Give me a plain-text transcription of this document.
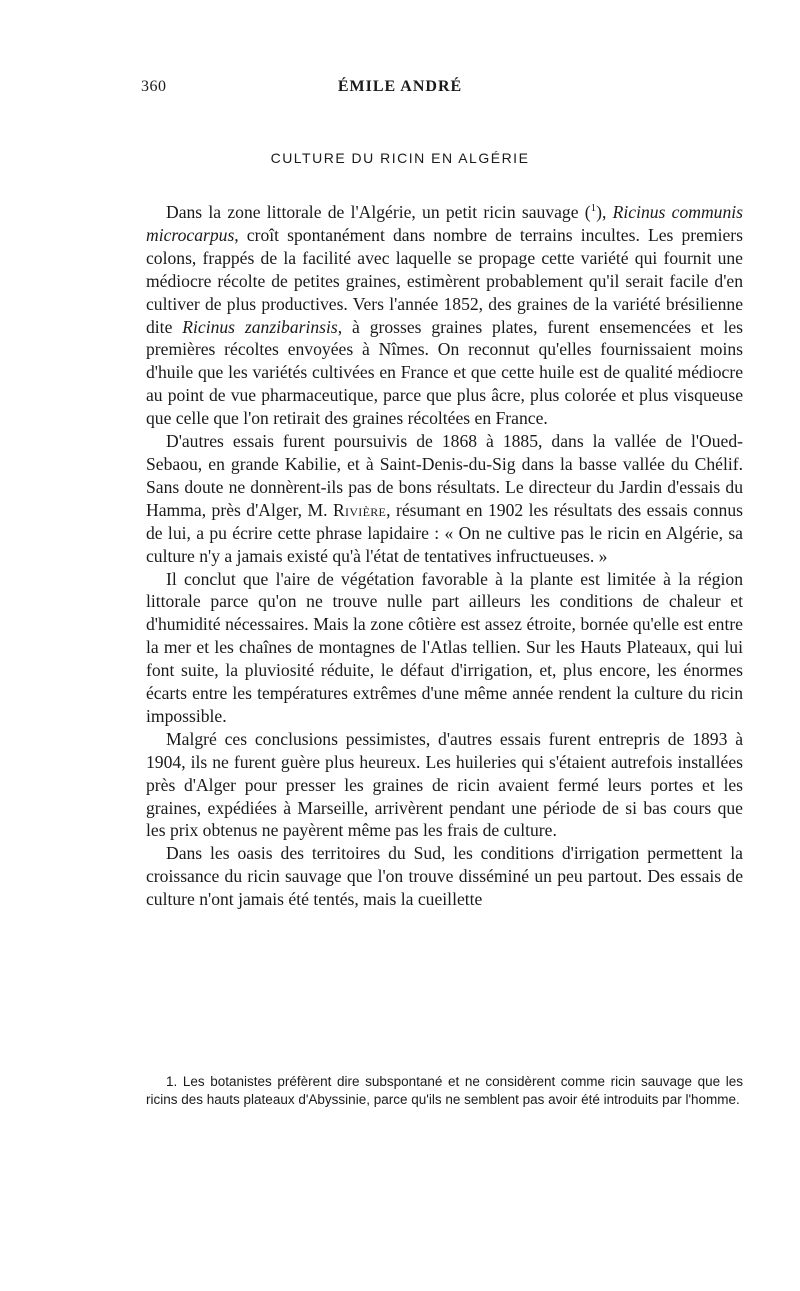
360	ÉMILE ANDRÉ
CULTURE DU RICIN EN ALGÉRIE

Dans la zone littorale de l'Algérie, un petit ricin sauvage ($^1$), Ricinus communis microcarpus, croît spontanément dans nombre de terrains incultes. Les premiers colons, frappés de la facilité avec laquelle se propage cette variété qui fournit une médiocre récolte de petites graines, estimèrent probablement qu'il serait facile d'en cultiver de plus productives. Vers l'année 1852, des graines de la variété brésilienne dite Ricinus zanzibarinsis, à grosses graines plates, furent ensemencées et les premières récoltes envoyées à Nîmes. On reconnut qu'elles fournissaient moins d'huile que les variétés cultivées en France et que cette huile est de qualité médiocre au point de vue pharmaceutique, parce que plus âcre, plus colorée et plus visqueuse que celle que l'on retirait des graines récoltées en France.

D'autres essais furent poursuivis de 1868 à 1885, dans la vallée de l'Oued-Sebaou, en grande Kabilie, et à Saint-Denis-du-Sig dans la basse vallée du Chélif. Sans doute ne donnèrent-ils pas de bons résultats. Le directeur du Jardin d'essais du Hamma, près d'Alger, M. Rivière, résumant en 1902 les résultats des essais connus de lui, a pu écrire cette phrase lapidaire : « On ne cultive pas le ricin en Algérie, sa culture n'y a jamais existé qu'à l'état de tentatives infructueuses. »

Il conclut que l'aire de végétation favorable à la plante est limitée à la région littorale parce qu'on ne trouve nulle part ailleurs les conditions de chaleur et d'humidité nécessaires. Mais la zone côtière est assez étroite, bornée qu'elle est entre la mer et les chaînes de montagnes de l'Atlas tellien. Sur les Hauts Plateaux, qui lui font suite, la pluviosité réduite, le défaut d'irrigation, et, plus encore, les énormes écarts entre les températures extrêmes d'une même année rendent la culture du ricin impossible.

Malgré ces conclusions pessimistes, d'autres essais furent entrepris de 1893 à 1904, ils ne furent guère plus heureux. Les huileries qui s'étaient autrefois installées près d'Alger pour presser les graines de ricin avaient fermé leurs portes et les graines, expédiées à Marseille, arrivèrent pendant une période de si bas cours que les prix obtenus ne payèrent même pas les frais de culture.

Dans les oasis des territoires du Sud, les conditions d'irrigation permettent la croissance du ricin sauvage que l'on trouve disséminé un peu partout. Des essais de culture n'ont jamais été tentés, mais la cueillette

1. Les botanistes préfèrent dire subspontané et ne considèrent comme ricin sauvage que les ricins des hauts plateaux d'Abyssinie, parce qu'ils ne semblent pas avoir été introduits par l'homme.
